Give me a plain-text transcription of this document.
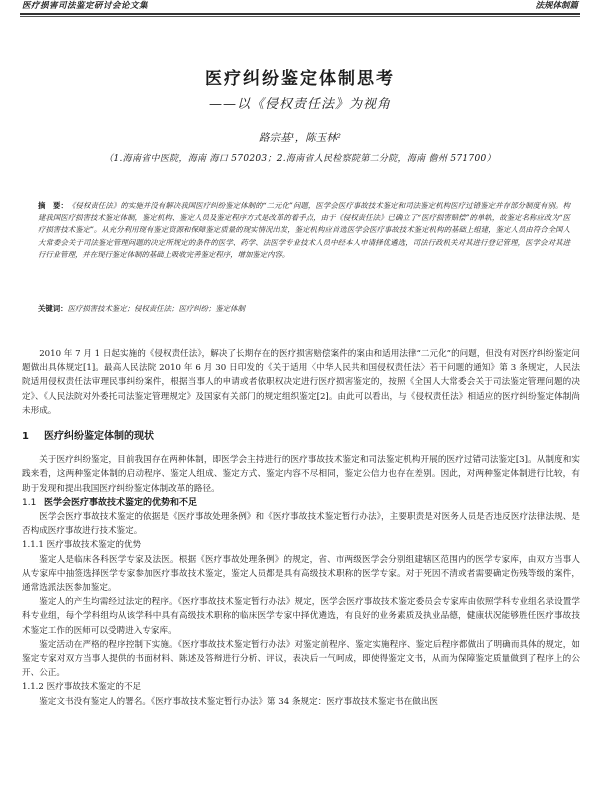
医疗损害司法鉴定研讨会论文集	法规体制篇
医疗纠纷鉴定体制思考
——以《侵权责任法》为视角
路宗基¹，陈玉林²
（1.海南省中医院，海南 海口 570203；2.海南省人民检察院第二分院，海南 儋州 571700）
摘　要：《侵权责任法》的实施并没有解决我国医疗纠纷鉴定体制的“二元化”问题，医学会医疗事故技术鉴定和司法鉴定机构医疗过错鉴定并存部分制度有别。构建我国医疗损害技术鉴定体制，鉴定机构、鉴定人员及鉴定程序方式是改革的着手点，由于《侵权责任法》已确立了“医疗损害赔偿”的单轨，故鉴定名称应改为“医疗损害技术鉴定”。从充分利用现有鉴定资源和保障鉴定质量的现实情况出发，鉴定机构应首选医学会医疗事故技术鉴定机构的基础上组建，鉴定人员由符合全国人大常委会关于司法鉴定管理问题的决定所规定的条件的医学、药学、法医学专业技术人员中经本人申请择优遴选，司法行政机关对其进行登记管理，医学会对其进行行业管理，并在现行鉴定体制的基础上吸收完善鉴定程序，增加鉴定内容。
关键词：医疗损害技术鉴定；侵权责任法；医疗纠纷；鉴定体制

2010 年 7 月 1 日起实施的《侵权责任法》，解决了长期存在的医疗损害赔偿案件的案由和适用法律“二元化”的问题，但没有对医疗纠纷鉴定问题做出具体规定[1]。最高人民法院 2010 年 6 月 30 日印发的《关于适用〈中华人民共和国侵权责任法〉若干问题的通知》第 3 条规定，人民法院适用侵权责任法审理民事纠纷案件，根据当事人的申请或者依职权决定进行医疗损害鉴定的，按照《全国人大常委会关于司法鉴定管理问题的决定》、《人民法院对外委托司法鉴定管理规定》及国家有关部门的规定组织鉴定[2]。由此可以看出，与《侵权责任法》相适应的医疗纠纷鉴定体制尚未形成。

1 医疗纠纷鉴定体制的现状

关于医疗纠纷鉴定，目前我国存在两种体制，即医学会主持进行的医疗事故技术鉴定和司法鉴定机构开展的医疗过错司法鉴定[3]。从制度和实践来看，这两种鉴定体制的启动程序、鉴定人组成、鉴定方式、鉴定内容不尽相同，鉴定公信力也存在差别。因此，对两种鉴定体制进行比较，有助于发现和提出我国医疗纠纷鉴定体制改革的路径。

1.1 医学会医疗事故技术鉴定的优势和不足

医学会医疗事故技术鉴定的依据是《医疗事故处理条例》和《医疗事故技术鉴定暂行办法》，主要职责是对医务人员是否违反医疗法律法规、是否构成医疗事故进行技术鉴定。

1.1.1 医疗事故技术鉴定的优势

鉴定人是临床各科医学专家及法医。根据《医疗事故处理条例》的规定，省、市两级医学会分别组建辖区范围内的医学专家库，由双方当事人从专家库中抽签选择医学专家参加医疗事故技术鉴定，鉴定人员都是具有高级技术职称的医学专家。对于死因不清或者需要确定伤残等级的案件，通常选派法医参加鉴定。

鉴定人的产生均需经过法定的程序。《医疗事故技术鉴定暂行办法》规定，医学会医疗事故技术鉴定委员会专家库由依照学科专业组名录设置学科专业组，每个学科组均从该学科中具有高级技术职称的临床医学专家中择优遴选，有良好的业务素质及执业品德，健康状况能够胜任医疗事故技术鉴定工作的医师可以受聘进入专家库。

鉴定活动在严格的程序控制下实施。《医疗事故技术鉴定暂行办法》对鉴定前程序、鉴定实施程序、鉴定后程序都做出了明确而具体的规定，如鉴定专家对双方当事人提供的书面材料、陈述及答辩进行分析、评议，表决后一气呵成，即使得鉴定文书，从而为保障鉴定质量做到了程序上的公开、公正。

1.1.2 医疗事故技术鉴定的不足

鉴定文书没有鉴定人的署名。《医疗事故技术鉴定暂行办法》第 34 条规定：医疗事故技术鉴定书在做出医
